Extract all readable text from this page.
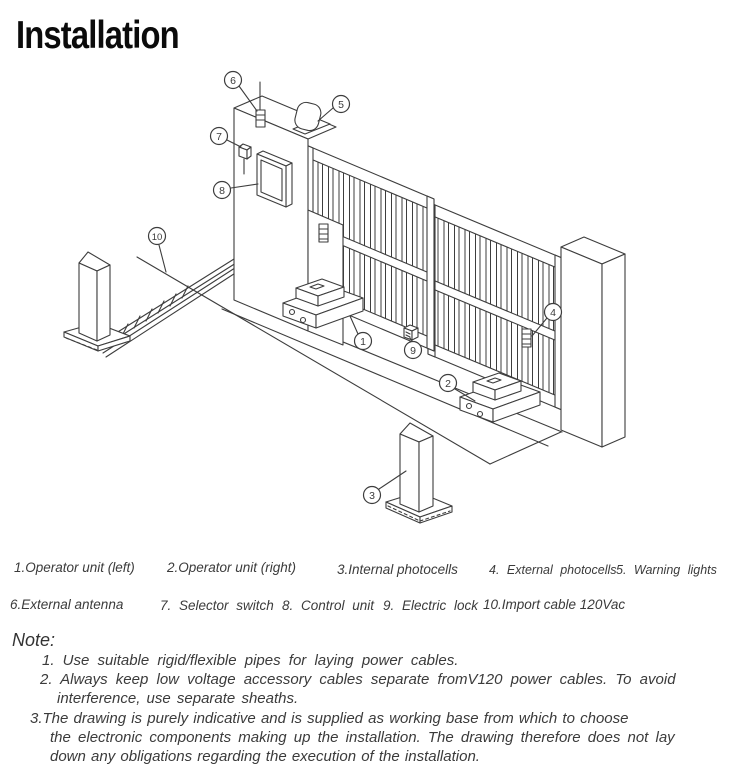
Installation
1
2
3
4
5
6
7
8
9
10
1.Operator unit (left) 2.Operator unit (right)	3.Internal photocells 4. External photocells 5. Warning lights
6.External antenna	7. Selector switch 8. Control unit 9. Electric lock 10.Import cable 120Vac
Note:
1. Use suitable rigid/flexible pipes for laying power cables.
2. Always keep low voltage accessory cables separate fromV120 power cables. To avoid
interference, use separate sheaths.
3.The drawing is purely indicative and is supplied as working base from which to choose
the electronic components making up the installation. The drawing therefore does not lay
down any obligations regarding the execution of the installation.
